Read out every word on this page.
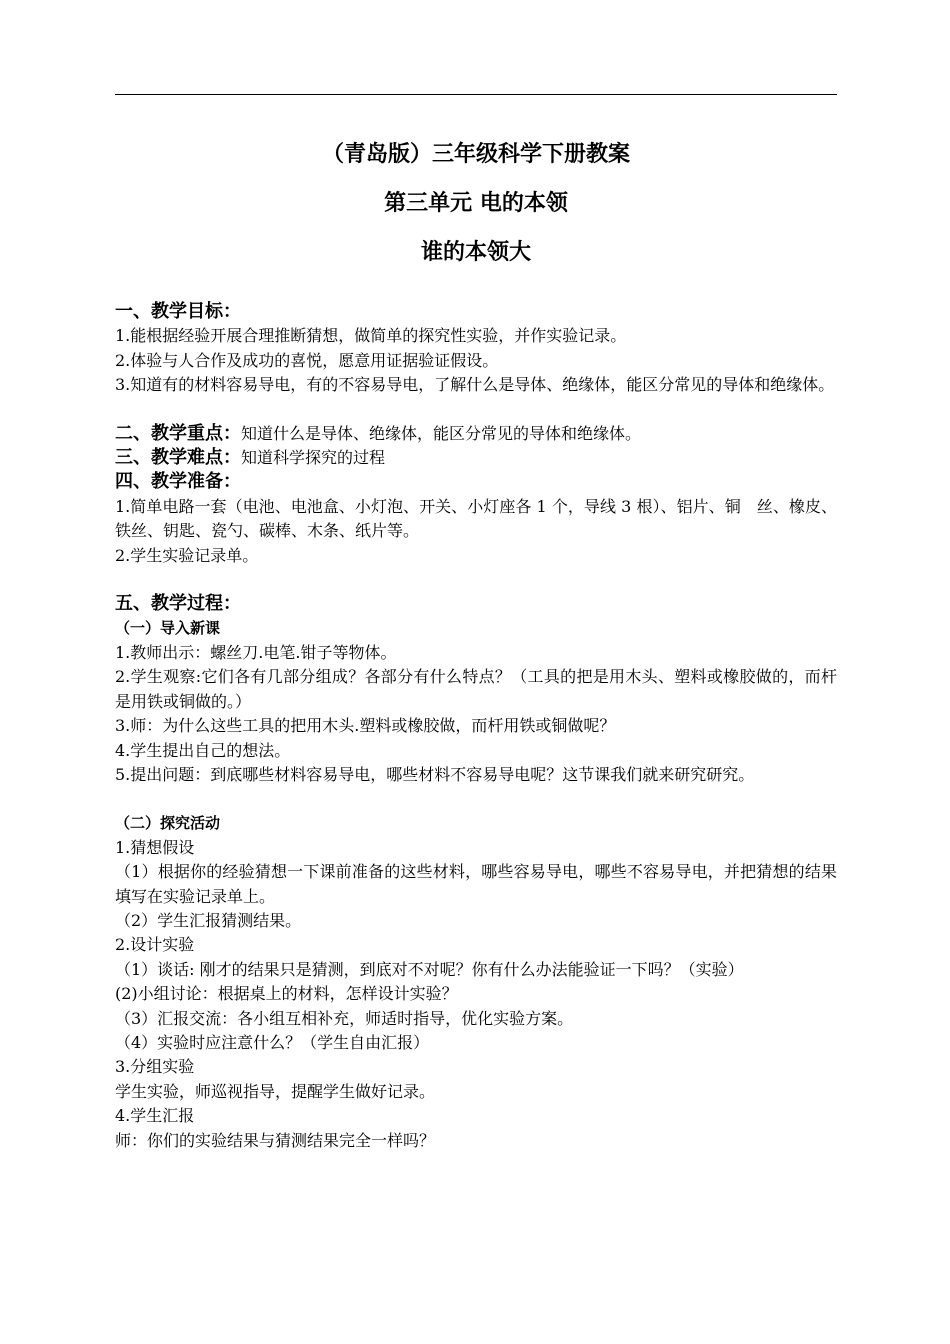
（青岛版）三年级科学下册教案

第三单元 电的本领

谁的本领大

一、教学目标：

1.能根据经验开展合理推断猜想，做简单的探究性实验，并作实验记录。

2.体验与人合作及成功的喜悦，愿意用证据验证假设。

3.知道有的材料容易导电，有的不容易导电，了解什么是导体、绝缘体，能区分常见的导体和绝缘体。

二、教学重点：知道什么是导体、绝缘体，能区分常见的导体和绝缘体。
三、教学难点：知道科学探究的过程
四、教学准备：

1.简单电路一套（电池、电池盒、小灯泡、开关、小灯座各 1 个，导线 3 根）、铝片、铜　丝、橡皮、铁丝、钥匙、瓷勺、碳棒、木条、纸片等。

2.学生实验记录单。

五、教学过程：
（一）导入新课

1.教师出示：螺丝刀.电笔.钳子等物体。

2.学生观察:它们各有几部分组成？各部分有什么特点？（工具的把是用木头、塑料或橡胶做的，而杆是用铁或铜做的。）

3.师：为什么这些工具的把用木头.塑料或橡胶做，而杆用铁或铜做呢？

4.学生提出自己的想法。

5.提出问题：到底哪些材料容易导电，哪些材料不容易导电呢？这节课我们就来研究研究。

（二）探究活动

1.猜想假设

（1）根据你的经验猜想一下课前准备的这些材料，哪些容易导电，哪些不容易导电，并把猜想的结果填写在实验记录单上。

（2）学生汇报猜测结果。

2.设计实验

（1）谈话: 刚才的结果只是猜测，到底对不对呢？你有什么办法能验证一下吗？（实验）

(2)小组讨论：根据桌上的材料，怎样设计实验？

（3）汇报交流：各小组互相补充，师适时指导，优化实验方案。

（4）实验时应注意什么？（学生自由汇报）

3.分组实验

学生实验，师巡视指导，提醒学生做好记录。

4.学生汇报

师：你们的实验结果与猜测结果完全一样吗？
